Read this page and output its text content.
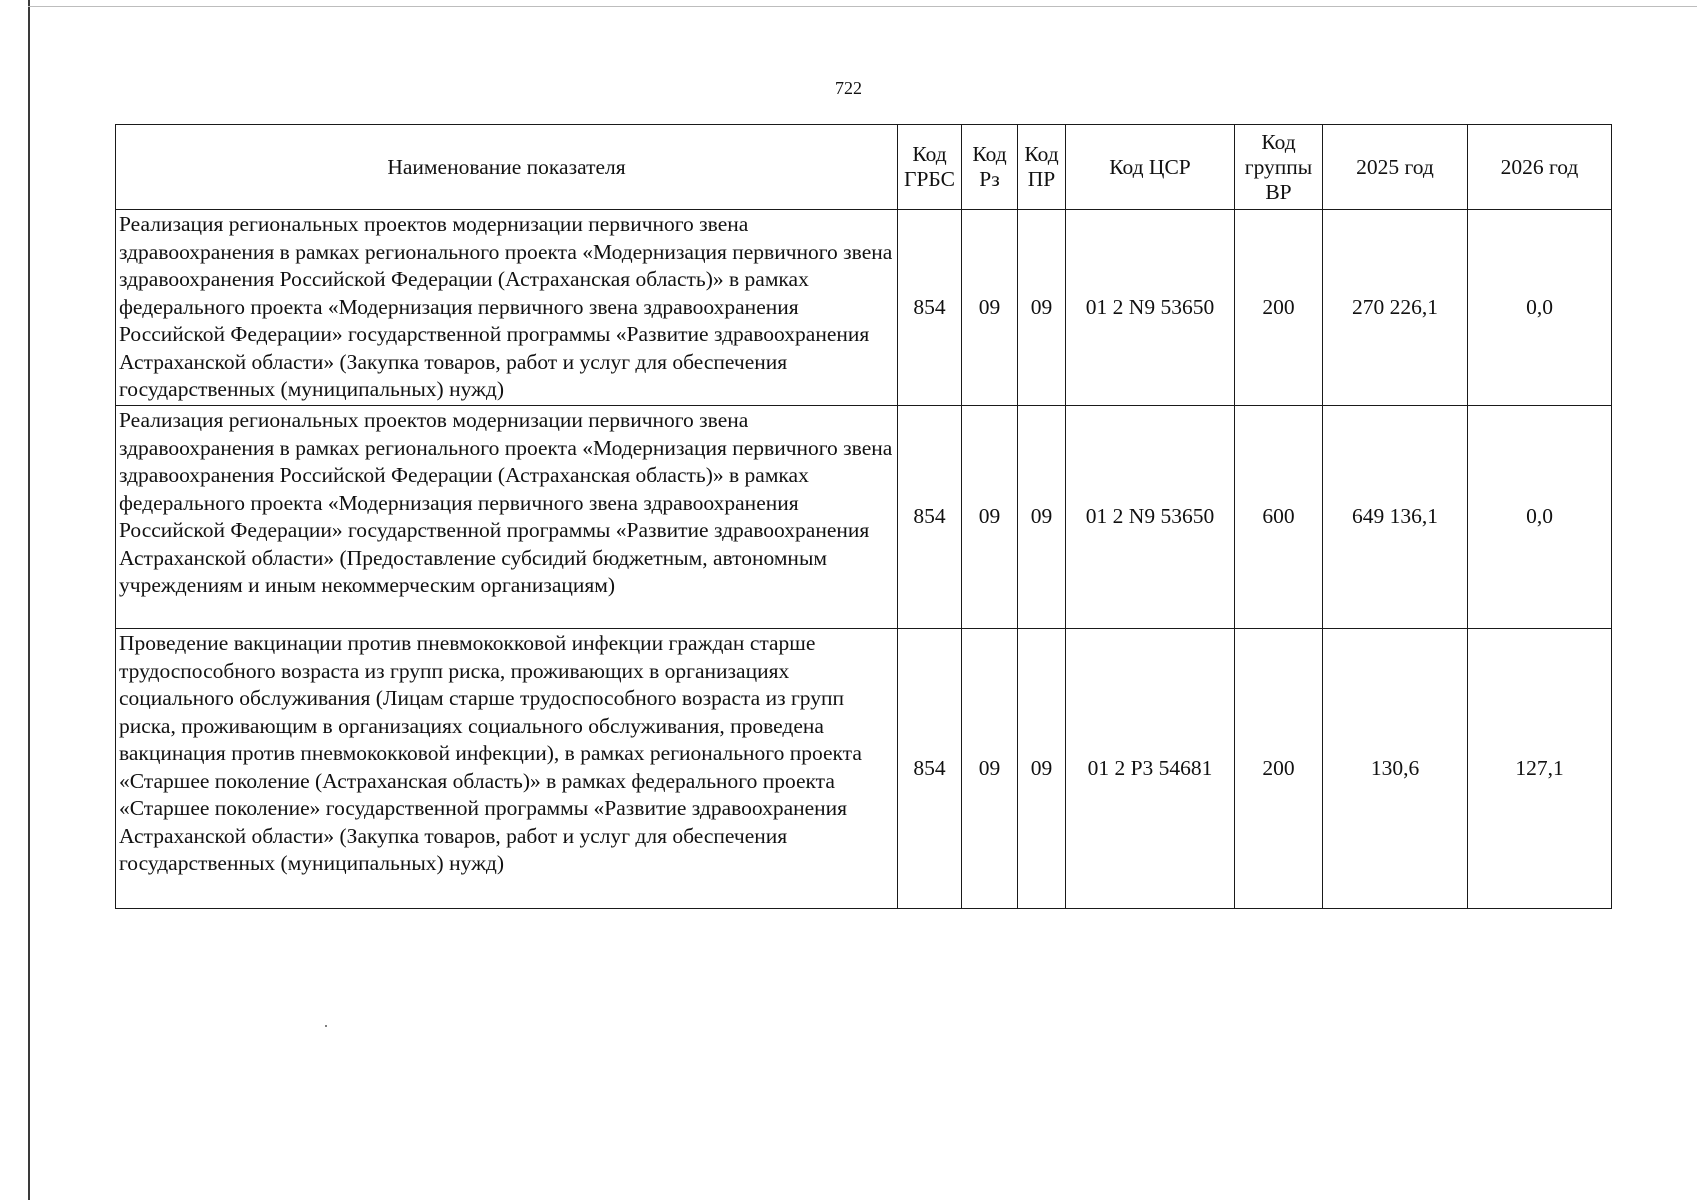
722
Наименование показателя	Код ГРБС	Код Рз	Код ПР	Код ЦСР	Код группы ВР	2025 год	2026 год
Реализация региональных проектов модернизации первичного звена здравоохранения в рамках регионального проекта «Модернизация первичного звена здравоохранения Российской Федерации (Астраханская область)» в рамках федерального проекта «Модернизация первичного звена здравоохранения Российской Федерации» государственной программы «Развитие здравоохранения Астраханской области» (Закупка товаров, работ и услуг для обеспечения государственных (муниципальных) нужд)	854	09	09	01 2 N9 53650	200	270 226,1	0,0
Реализация региональных проектов модернизации первичного звена здравоохранения в рамках регионального проекта «Модернизация первичного звена здравоохранения Российской Федерации (Астраханская область)» в рамках федерального проекта «Модернизация первичного звена здравоохранения Российской Федерации» государственной программы «Развитие здравоохранения Астраханской области» (Предоставление субсидий бюджетным, автономным учреждениям и иным некоммерческим организациям)	854	09	09	01 2 N9 53650	600	649 136,1	0,0
Проведение вакцинации против пневмококковой инфекции граждан старше трудоспособного возраста из групп риска, проживающих в организациях социального обслуживания (Лицам старше трудоспособного возраста из групп риска, проживающим в организациях социального обслуживания, проведена вакцинация против пневмококковой инфекции), в рамках регионального проекта «Старшее поколение (Астраханская область)» в рамках федерального проекта «Старшее поколение» государственной программы «Развитие здравоохранения Астраханской области» (Закупка товаров, работ и услуг для обеспечения государственных (муниципальных) нужд)	854	09	09	01 2 P3 54681	200	130,6	127,1
